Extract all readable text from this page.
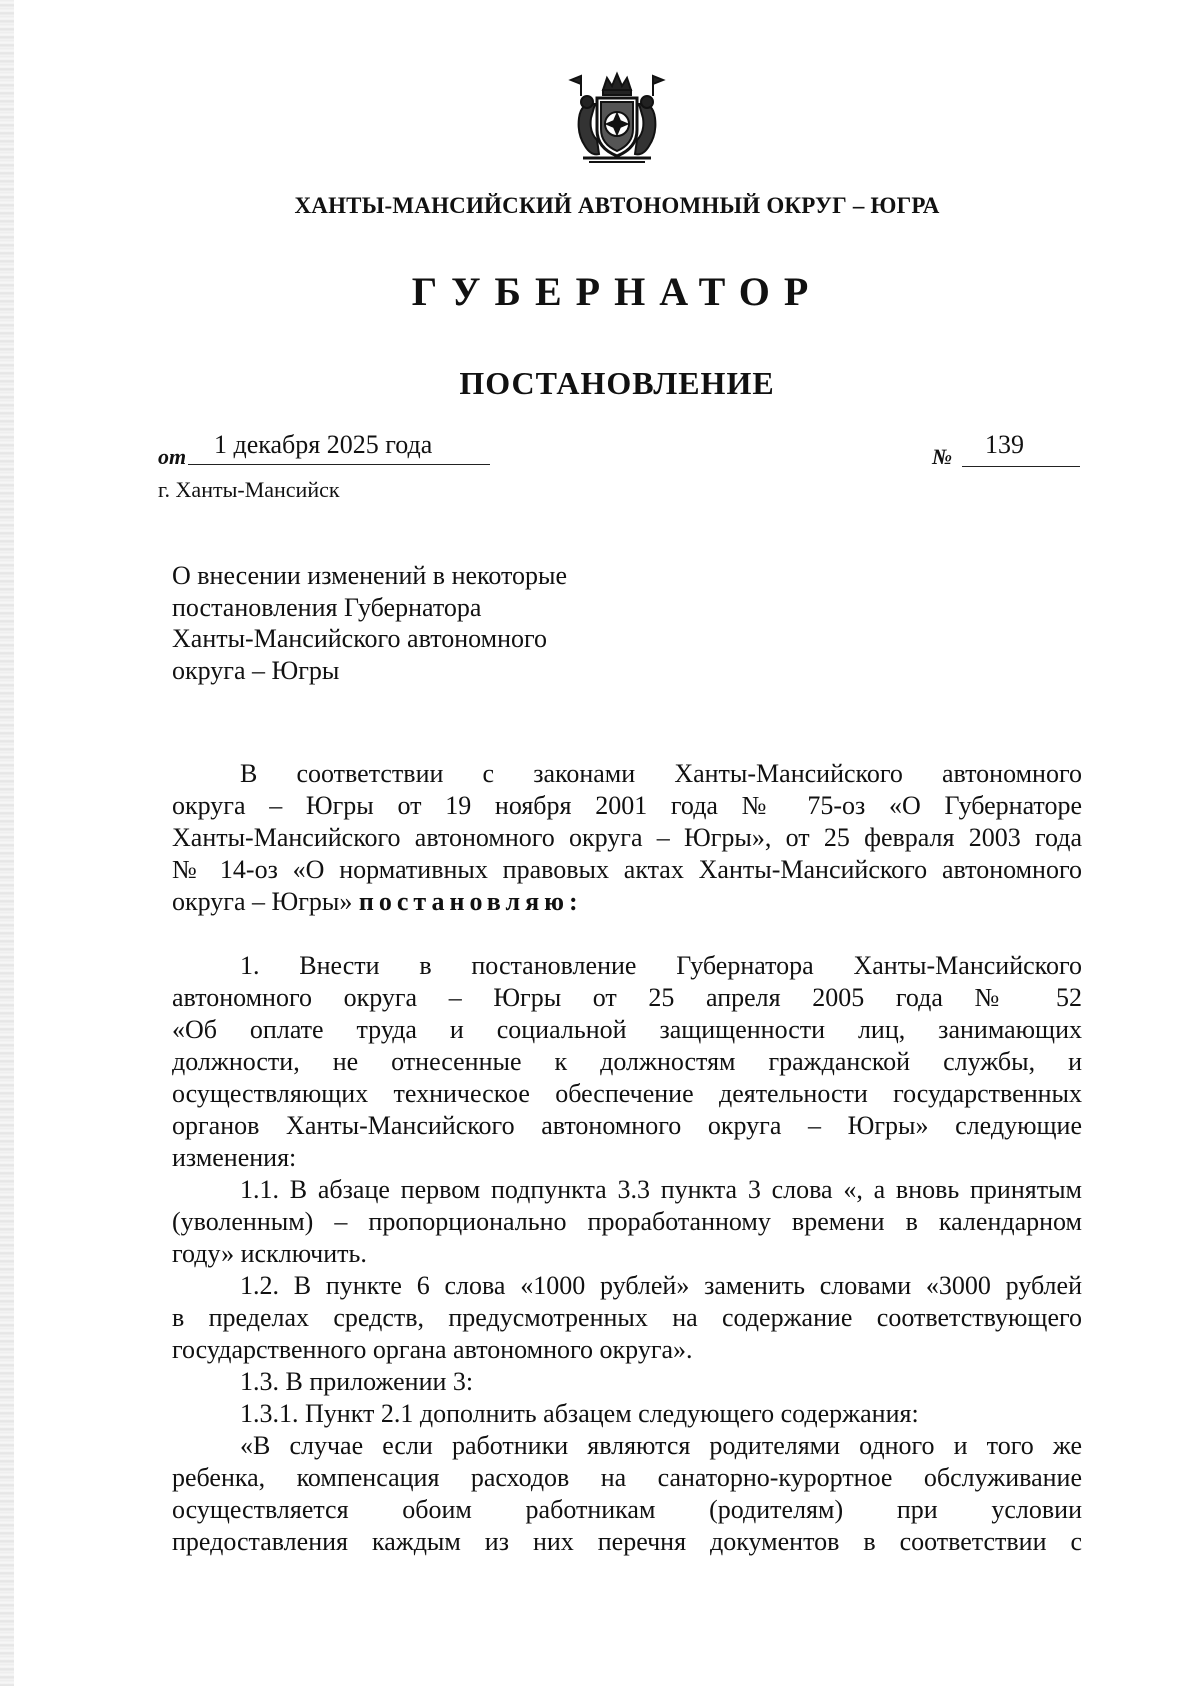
ХАНТЫ-МАНСИЙСКИЙ АВТОНОМНЫЙ ОКРУГ – ЮГРА
ГУБЕРНАТОР
ПОСТАНОВЛЕНИЕ
от 1 декабря 2025 года	№ 139
г. Ханты-Мансийск
О внесении изменений в некоторые
постановления Губернатора
Ханты-Мансийского автономного
округа – Югры
В соответствии с законами Ханты-Мансийского автономного
округа – Югры от 19 ноября 2001 года № 75-оз «О Губернаторе
Ханты-Мансийского автономного округа – Югры», от 25 февраля 2003 года
№ 14-оз «О нормативных правовых актах Ханты-Мансийского автономного
округа – Югры» постановляю:
1. Внести в постановление Губернатора Ханты-Мансийского
автономного округа – Югры от 25 апреля 2005 года № 52
«Об оплате труда и социальной защищенности лиц, занимающих
должности, не отнесенные к должностям гражданской службы, и
осуществляющих техническое обеспечение деятельности государственных
органов Ханты-Мансийского автономного округа – Югры» следующие
изменения:
1.1. В абзаце первом подпункта 3.3 пункта 3 слова «, а вновь принятым
(уволенным) – пропорционально проработанному времени в календарном
году» исключить.
1.2. В пункте 6 слова «1000 рублей» заменить словами «3000 рублей
в пределах средств, предусмотренных на содержание соответствующего
государственного органа автономного округа».
1.3. В приложении 3:
1.3.1. Пункт 2.1 дополнить абзацем следующего содержания:
«В случае если работники являются родителями одного и того же
ребенка, компенсация расходов на санаторно-курортное обслуживание
осуществляется обоим работникам (родителям) при условии
предоставления каждым из них перечня документов в соответствии с
